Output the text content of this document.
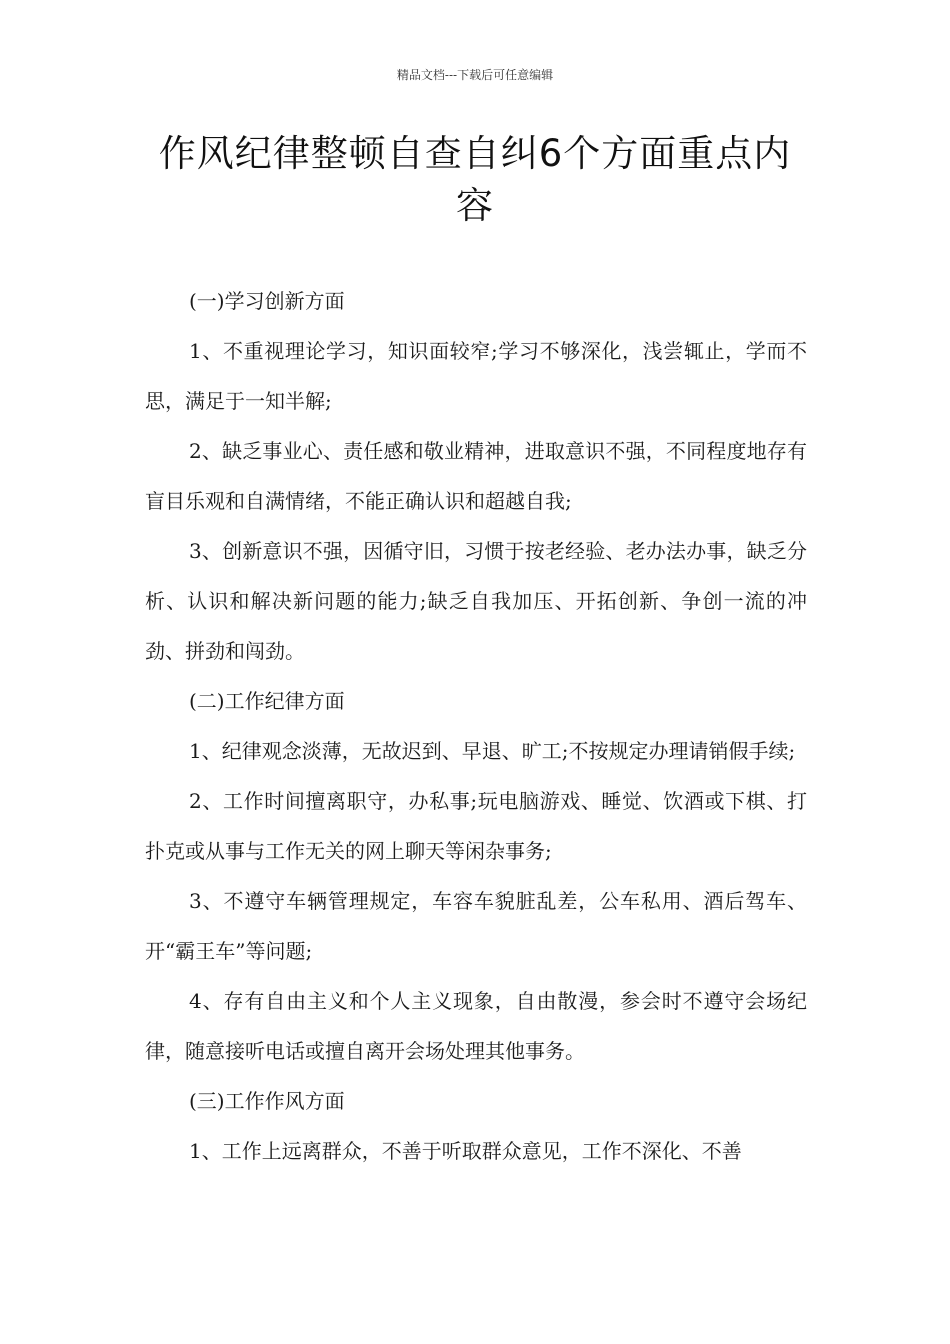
精品文档---下载后可任意编辑
作风纪律整顿自查自纠6个方面重点内容

(一)学习创新方面

1、不重视理论学习，知识面较窄;学习不够深化，浅尝辄止，学而不思，满足于一知半解;

2、缺乏事业心、责任感和敬业精神，进取意识不强，不同程度地存有盲目乐观和自满情绪，不能正确认识和超越自我;

3、创新意识不强，因循守旧，习惯于按老经验、老办法办事，缺乏分析、认识和解决新问题的能力;缺乏自我加压、开拓创新、争创一流的冲劲、拼劲和闯劲。

(二)工作纪律方面

1、纪律观念淡薄，无故迟到、早退、旷工;不按规定办理请销假手续;

2、工作时间擅离职守，办私事;玩电脑游戏、睡觉、饮酒或下棋、打扑克或从事与工作无关的网上聊天等闲杂事务;

3、不遵守车辆管理规定，车容车貌脏乱差，公车私用、酒后驾车、开“霸王车”等问题;

4、存有自由主义和个人主义现象，自由散漫，参会时不遵守会场纪律，随意接听电话或擅自离开会场处理其他事务。

(三)工作作风方面

1、工作上远离群众，不善于听取群众意见，工作不深化、不善
